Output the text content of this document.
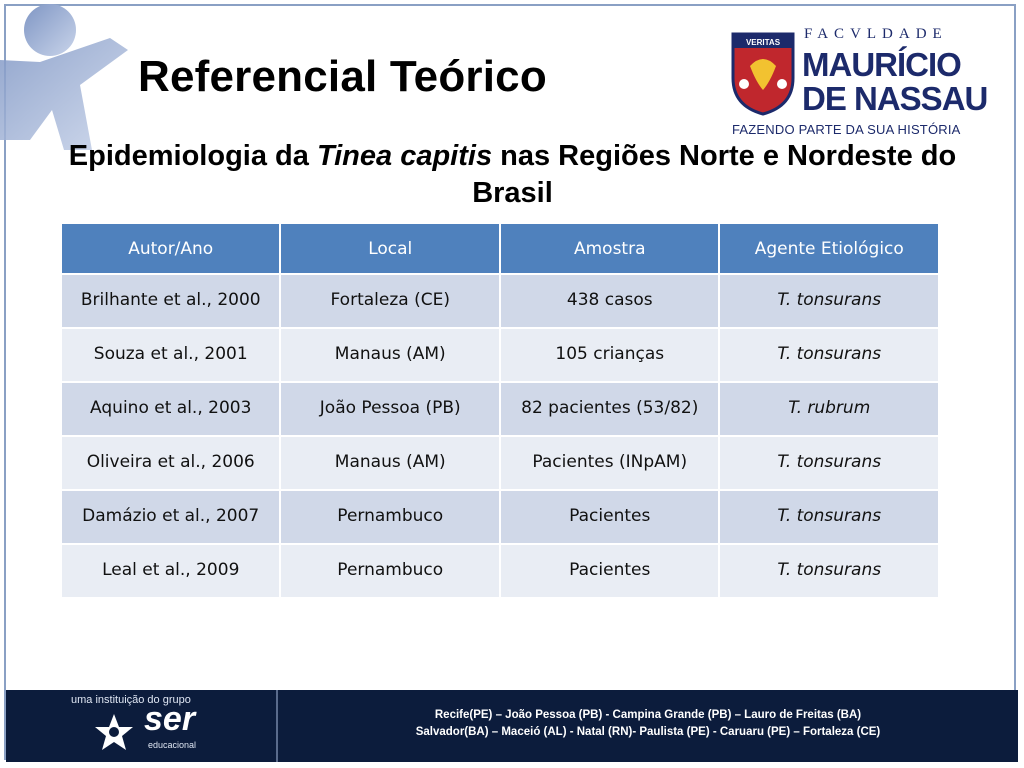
Referencial Teórico

Epidemiologia da Tinea capitis nas Regiões Norte e Nordeste do Brasil

VERITAS
FACVLDADE
MAURÍCIO
DE NASSAU
FAZENDO PARTE DA SUA HISTÓRIA
Autor/Ano	Local	Amostra	Agente Etiológico
Brilhante et al., 2000	Fortaleza (CE)	438 casos	T. tonsurans
Souza et al., 2001	Manaus (AM)	105 crianças	T. tonsurans
Aquino et al., 2003	João Pessoa (PB)	82 pacientes (53/82)	T. rubrum
Oliveira et al., 2006	Manaus (AM)	Pacientes (INpAM)	T. tonsurans
Damázio et al., 2007	Pernambuco	Pacientes	T. tonsurans
Leal et al., 2009	Pernambuco	Pacientes	T. tonsurans
uma instituição do grupo
ser
educacional
Recife(PE) – João Pessoa (PB) - Campina Grande (PB) – Lauro de Freitas (BA)
Salvador(BA) – Maceió (AL) - Natal (RN)- Paulista (PE) - Caruaru (PE) – Fortaleza (CE)
